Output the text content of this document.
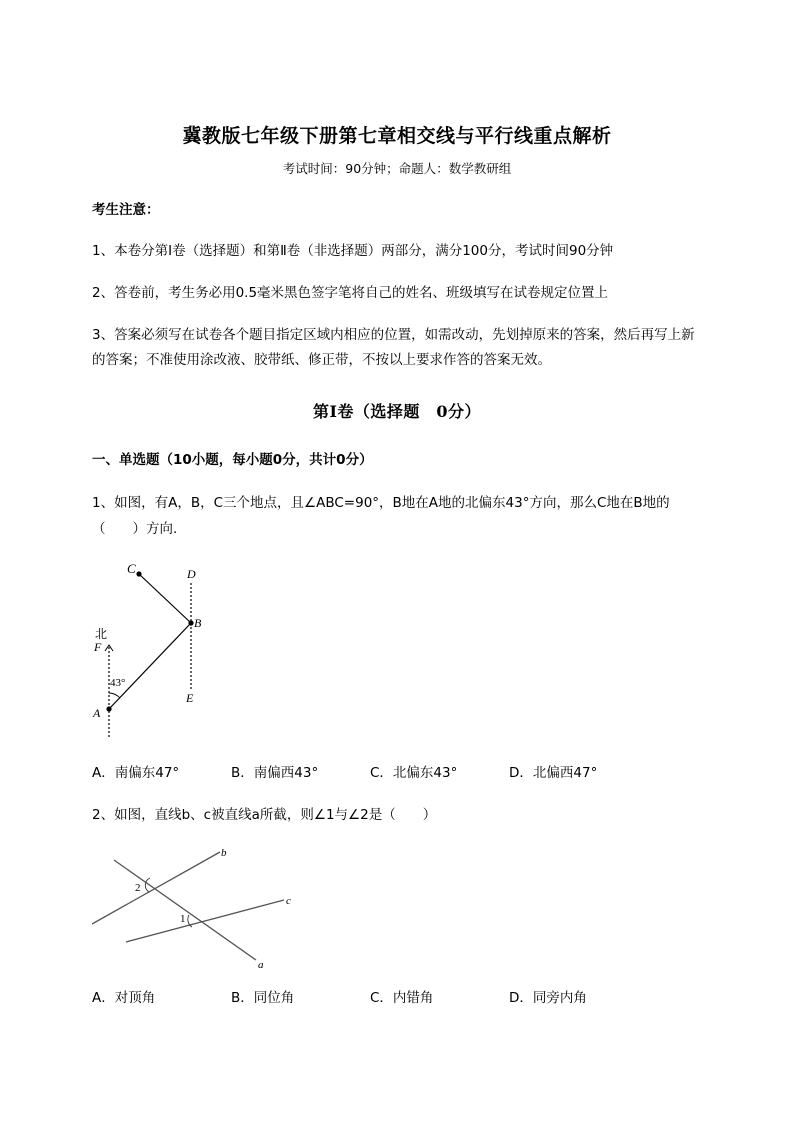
冀教版七年级下册第七章相交线与平行线重点解析
考试时间：90分钟；命题人：数学教研组
考生注意：
1、本卷分第I卷（选择题）和第Ⅱ卷（非选择题）两部分，满分100分，考试时间90分钟
2、答卷前，考生务必用0.5毫米黑色签字笔将自己的姓名、班级填写在试卷规定位置上
3、答案必须写在试卷各个题目指定区域内相应的位置，如需改动，先划掉原来的答案，然后再写上新
的答案；不准使用涂改液、胶带纸、修正带，不按以上要求作答的答案无效。
第I卷（选择题　0分）
一、单选题（10小题，每小题0分，共计0分）
1、如图，有A，B，C三个地点，且∠ABC=90°，B地在A地的北偏东43°方向，那么C地在B地的
（　　）方向.
C	D
B
北
F
43°
A
E
A．南偏东47°	B．南偏西43°	C．北偏东43°	D．北偏西47°
2、如图，直线b、c被直线a所截，则∠1与∠2是（　　）
b
c
a
1
2
A．对顶角	B．同位角	C．内错角	D．同旁内角
